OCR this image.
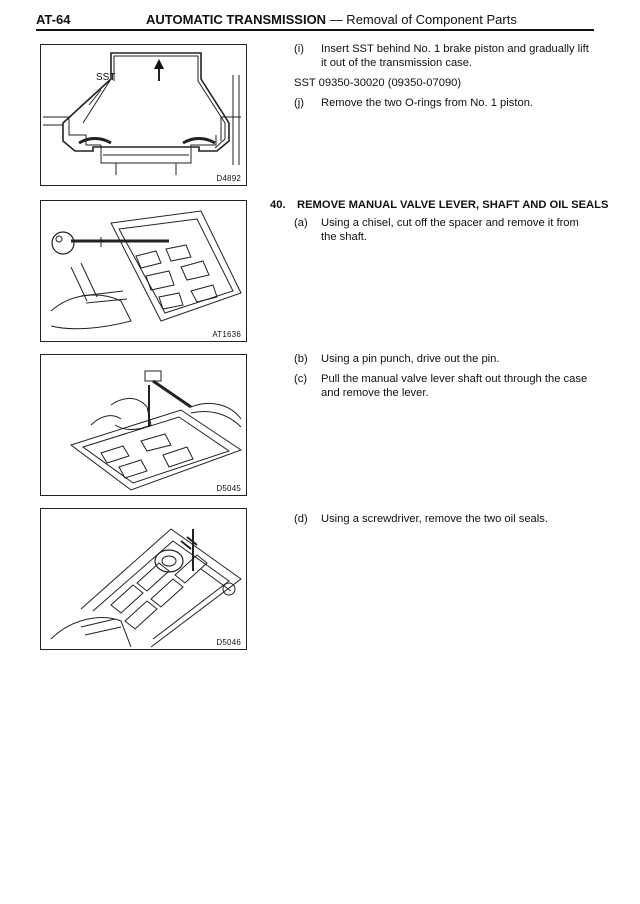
AT-64	AUTOMATIC TRANSMISSION — Removal of Component Parts
SST
D4892
AT1636
D5045
D5046
(i) Insert SST behind No. 1 brake piston and gradually lift it out of the transmission case.
SST 09350-30020 (09350-07090)
(j) Remove the two O-rings from No. 1 piston.
40. REMOVE MANUAL VALVE LEVER, SHAFT AND OIL SEALS
(a) Using a chisel, cut off the spacer and remove it from the shaft.
(b) Using a pin punch, drive out the pin.
(c) Pull the manual valve lever shaft out through the case and remove the lever.
(d) Using a screwdriver, remove the two oil seals.
